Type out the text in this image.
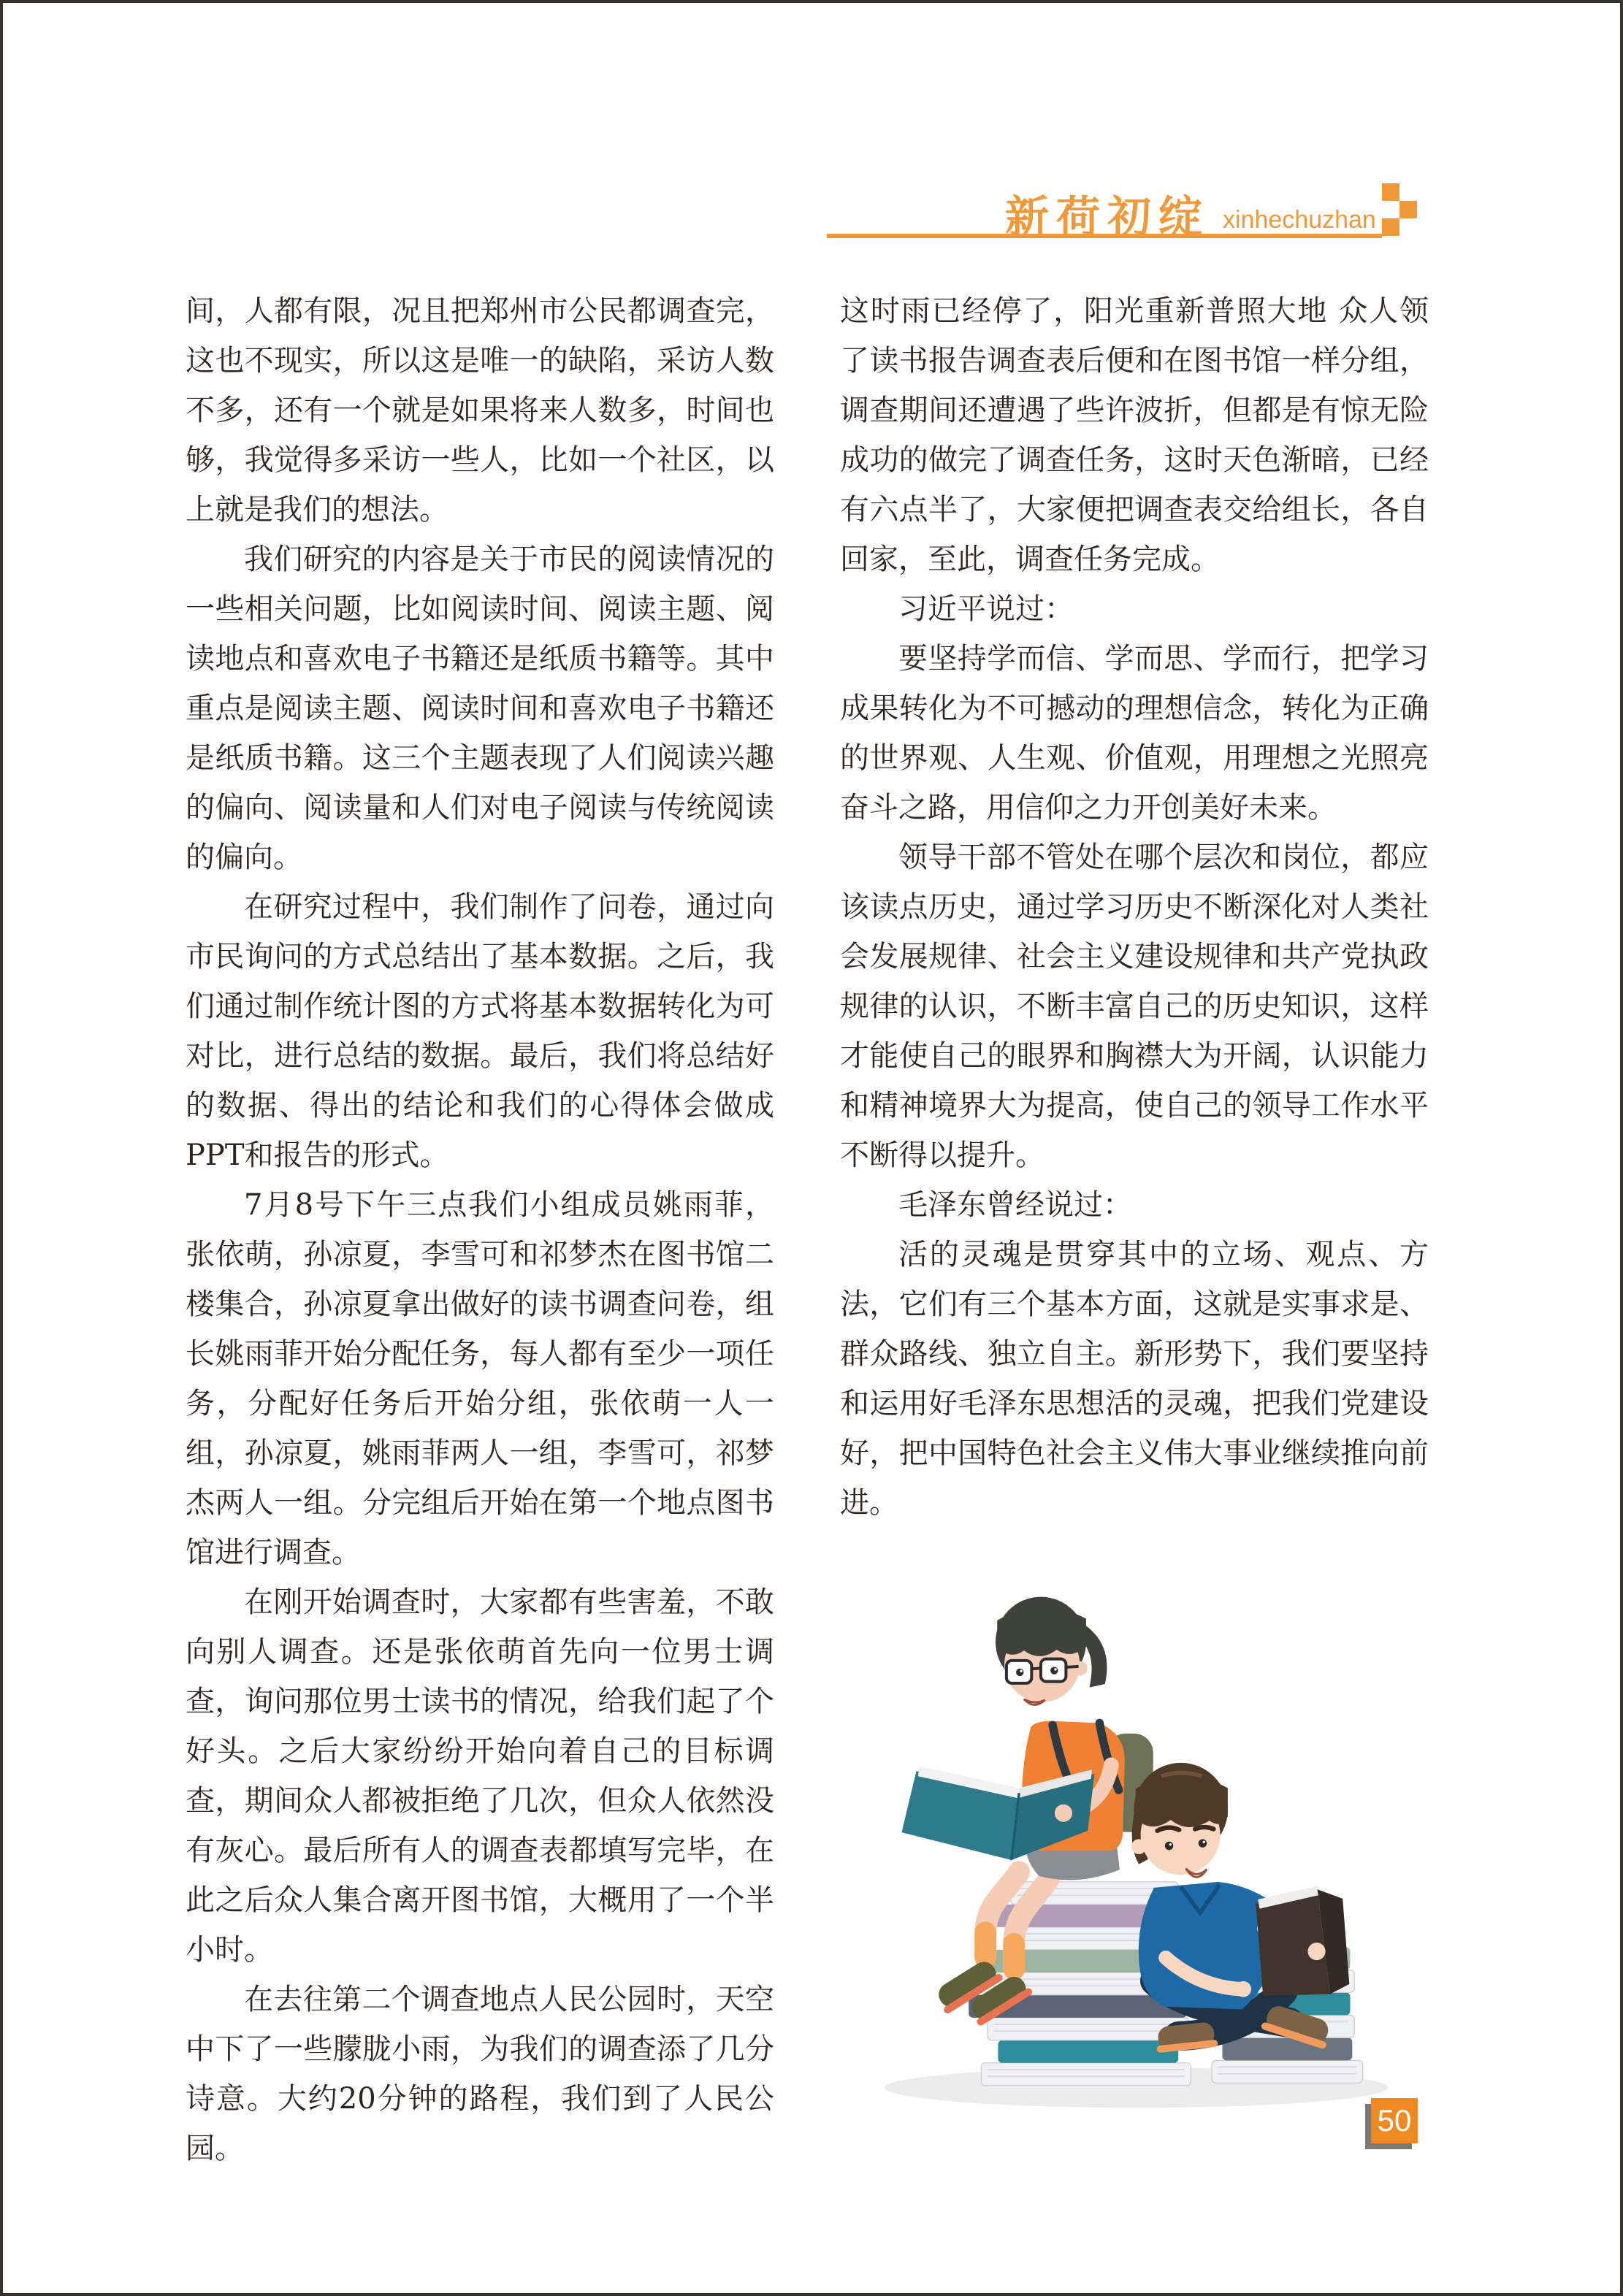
新荷初绽 xinhechuzhan

间，人都有限，况且把郑州市公民都调查完，这也不现实，所以这是唯一的缺陷，采访人数不多，还有一个就是如果将来人数多，时间也够，我觉得多采访一些人，比如一个社区，以上就是我们的想法。

我们研究的内容是关于市民的阅读情况的一些相关问题，比如阅读时间、阅读主题、阅读地点和喜欢电子书籍还是纸质书籍等。其中重点是阅读主题、阅读时间和喜欢电子书籍还是纸质书籍。这三个主题表现了人们阅读兴趣的偏向、阅读量和人们对电子阅读与传统阅读的偏向。

在研究过程中，我们制作了问卷，通过向市民询问的方式总结出了基本数据。之后，我们通过制作统计图的方式将基本数据转化为可对比，进行总结的数据。最后，我们将总结好的数据、得出的结论和我们的心得体会做成PPT和报告的形式。

7月8号下午三点我们小组成员姚雨菲，张依萌，孙凉夏，李雪可和祁梦杰在图书馆二楼集合，孙凉夏拿出做好的读书调查问卷，组长姚雨菲开始分配任务，每人都有至少一项任务，分配好任务后开始分组，张依萌一人一组，孙凉夏，姚雨菲两人一组，李雪可，祁梦杰两人一组。分完组后开始在第一个地点图书馆进行调查。

在刚开始调查时，大家都有些害羞，不敢向别人调查。还是张依萌首先向一位男士调查，询问那位男士读书的情况，给我们起了个好头。之后大家纷纷开始向着自己的目标调查，期间众人都被拒绝了几次，但众人依然没有灰心。最后所有人的调查表都填写完毕，在此之后众人集合离开图书馆，大概用了一个半小时。

在去往第二个调查地点人民公园时，天空中下了一些朦胧小雨，为我们的调查添了几分诗意。大约20分钟的路程，我们到了人民公园。

这时雨已经停了，阳光重新普照大地 众人领了读书报告调查表后便和在图书馆一样分组，调查期间还遭遇了些许波折，但都是有惊无险成功的做完了调查任务，这时天色渐暗，已经有六点半了，大家便把调查表交给组长，各自回家，至此，调查任务完成。

习近平说过：

要坚持学而信、学而思、学而行，把学习成果转化为不可撼动的理想信念，转化为正确的世界观、人生观、价值观，用理想之光照亮奋斗之路，用信仰之力开创美好未来。

领导干部不管处在哪个层次和岗位，都应该读点历史，通过学习历史不断深化对人类社会发展规律、社会主义建设规律和共产党执政规律的认识，不断丰富自己的历史知识，这样才能使自己的眼界和胸襟大为开阔，认识能力和精神境界大为提高，使自己的领导工作水平不断得以提升。

毛泽东曾经说过：

活的灵魂是贯穿其中的立场、观点、方法，它们有三个基本方面，这就是实事求是、群众路线、独立自主。新形势下，我们要坚持和运用好毛泽东思想活的灵魂，把我们党建设好，把中国特色社会主义伟大事业继续推向前进。

50
